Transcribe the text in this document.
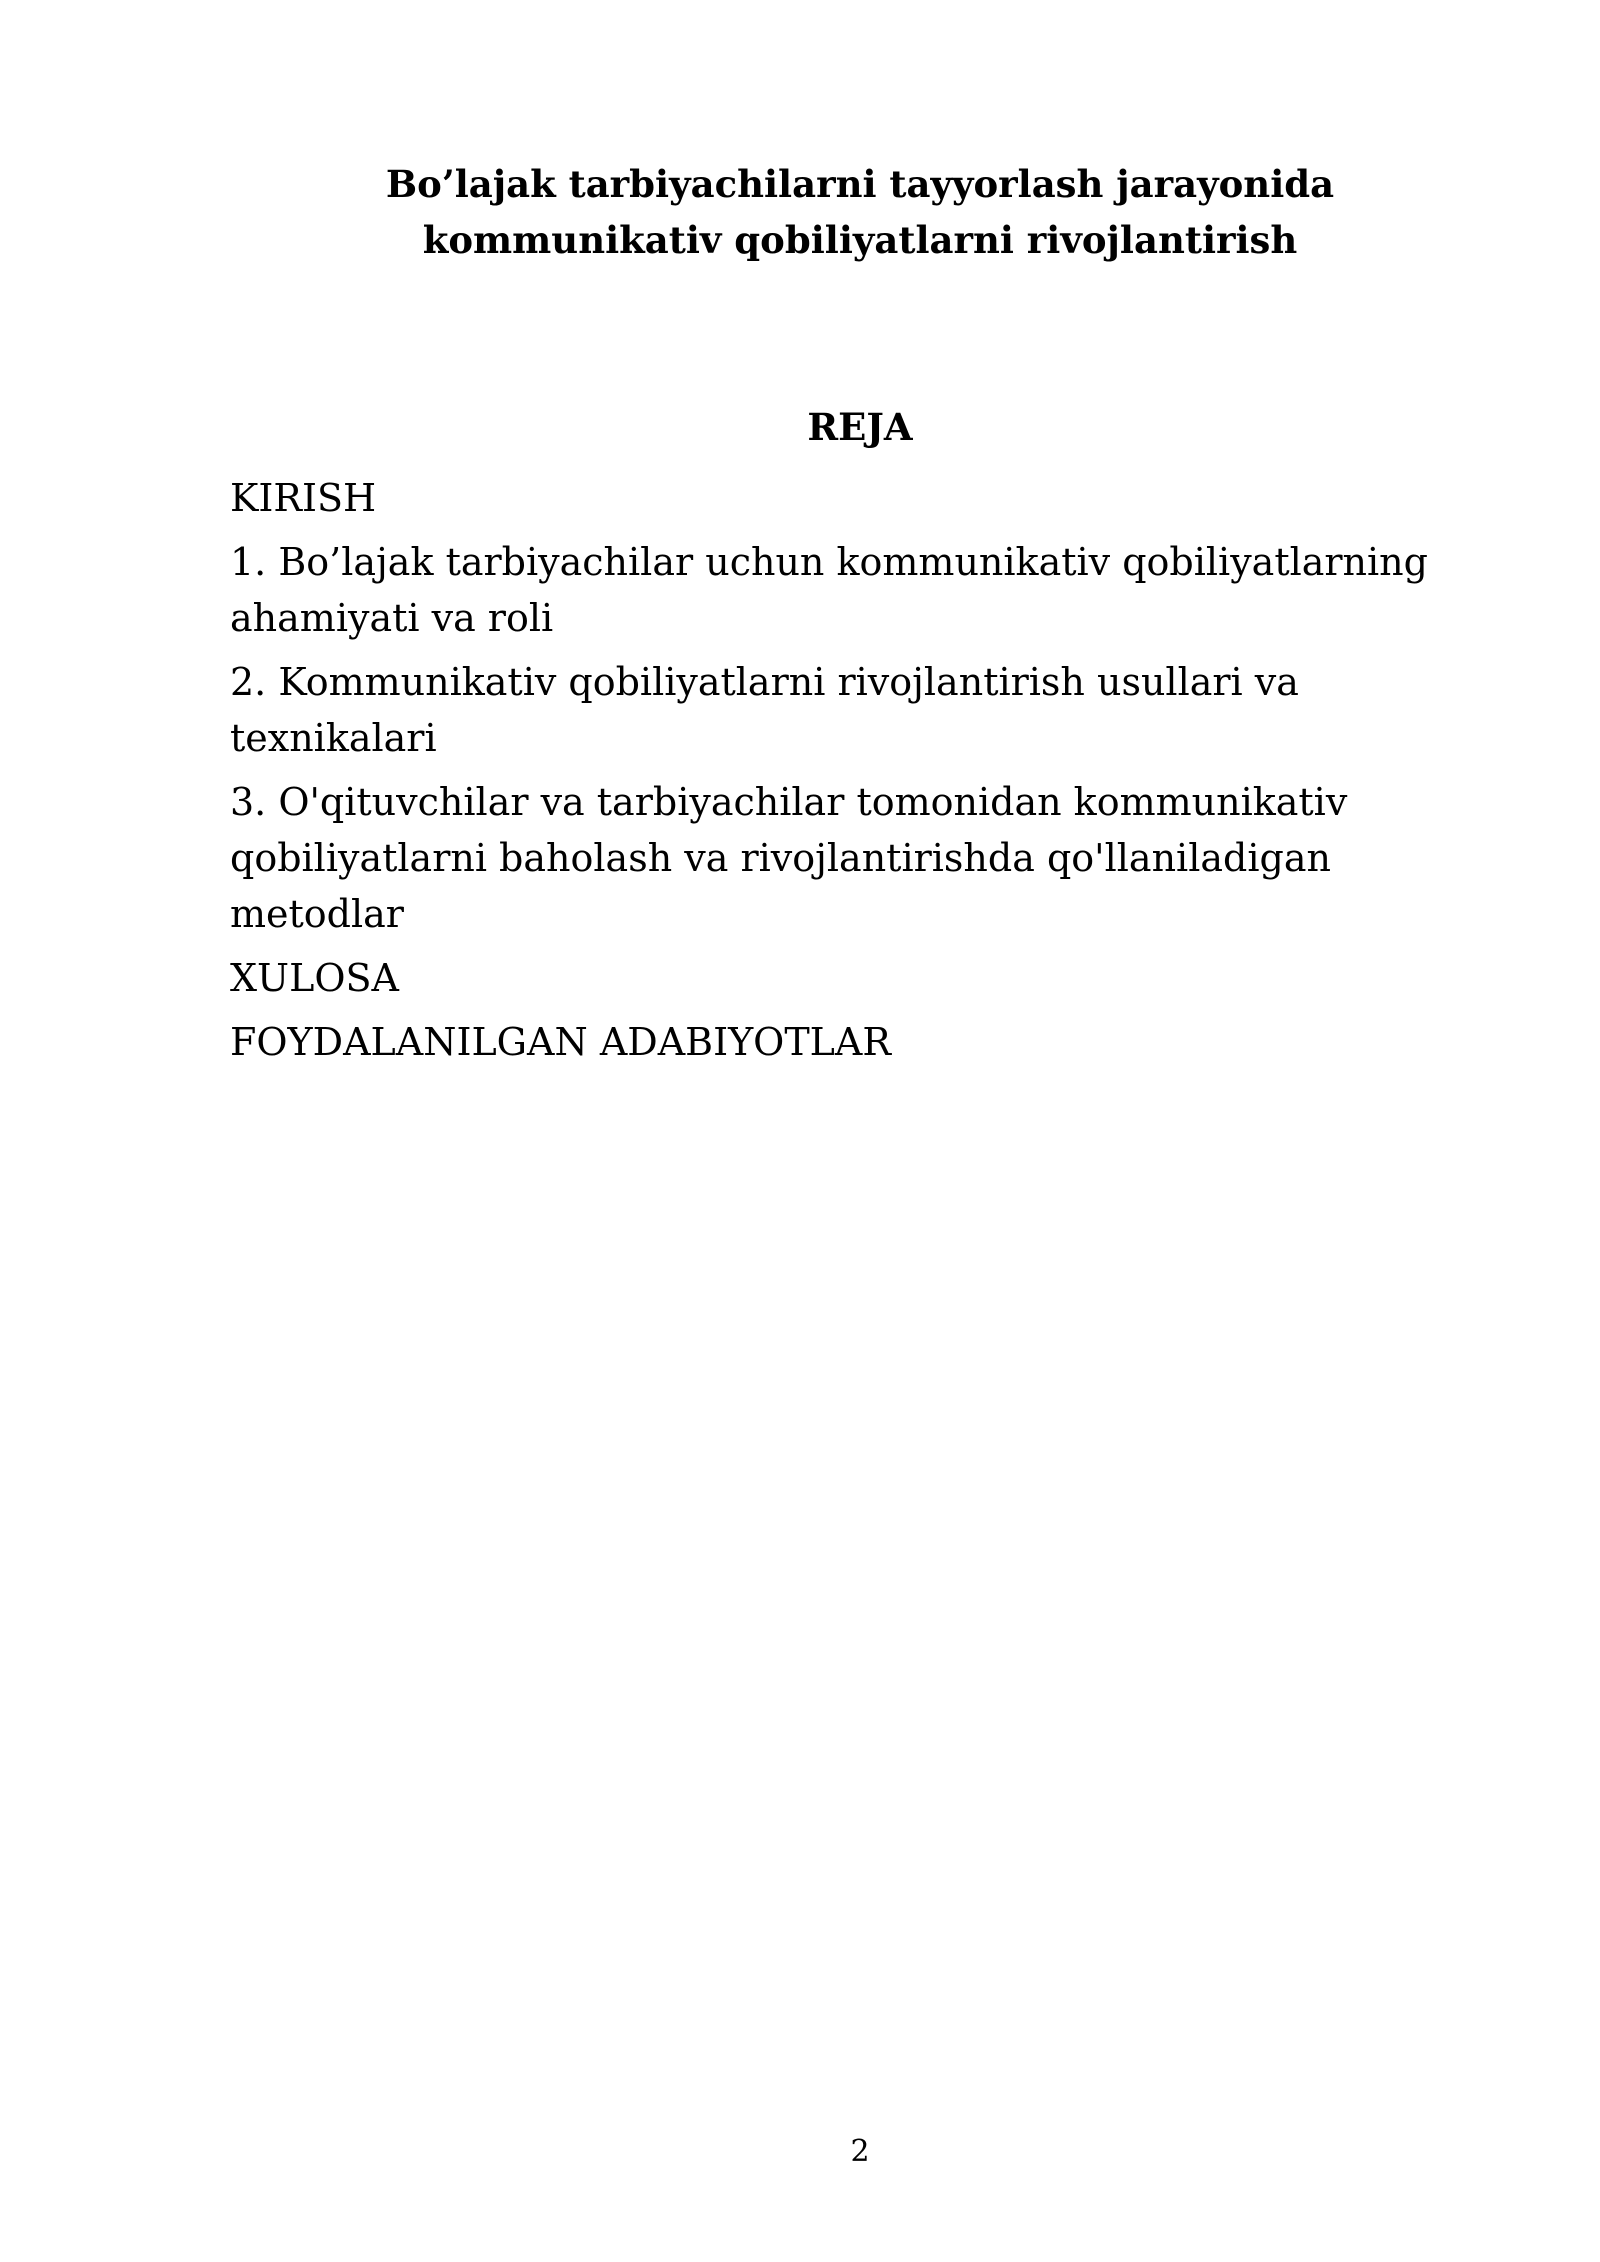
Bo’lajak tarbiyachilarni tayyorlash jarayonida
kommunikativ qobiliyatlarni rivojlantirish
REJA
KIRISH
1. Bo’lajak tarbiyachilar uchun kommunikativ qobiliyatlarning ahamiyati va roli
2. Kommunikativ qobiliyatlarni rivojlantirish usullari va texnikalari
3. O'qituvchilar va tarbiyachilar tomonidan kommunikativ qobiliyatlarni baholash va rivojlantirishda qo'llaniladigan metodlar
XULOSA
FOYDALANILGAN ADABIYOTLAR
2
